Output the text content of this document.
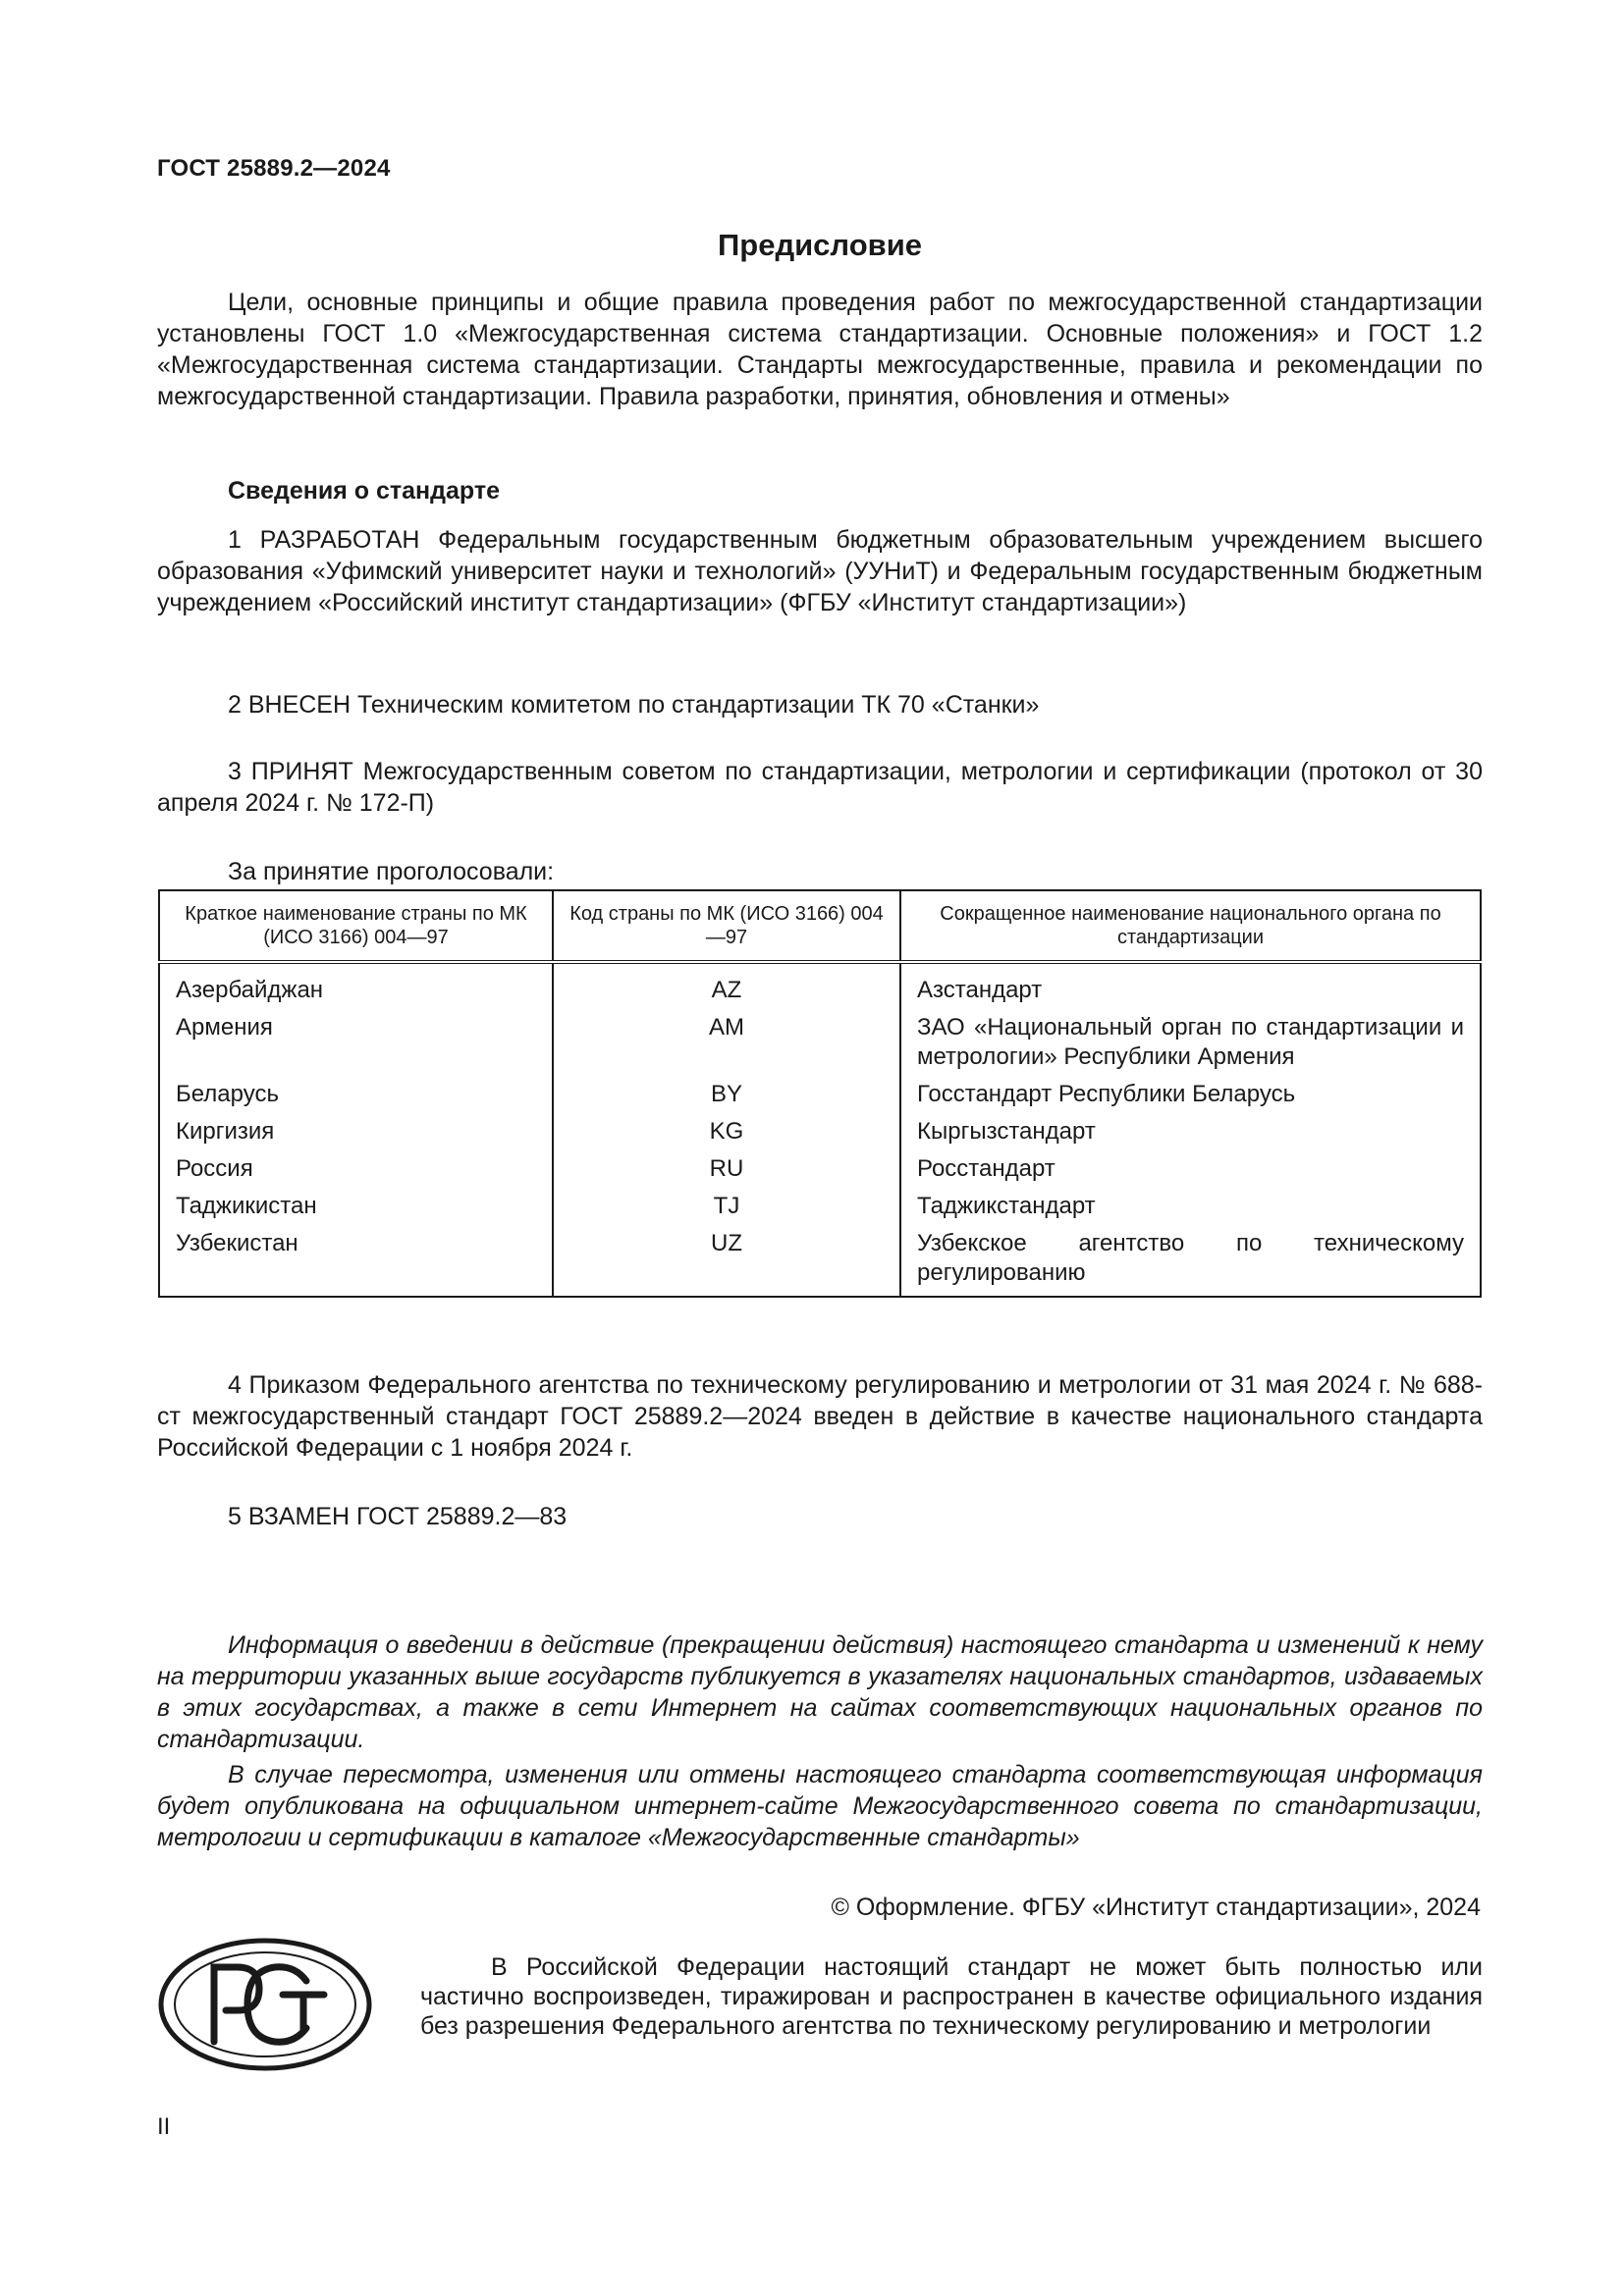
ГОСТ 25889.2—2024
Предисловие

Цели, основные принципы и общие правила проведения работ по межгосударственной стандартизации установлены ГОСТ 1.0 «Межгосударственная система стандартизации. Основные положения» и ГОСТ 1.2 «Межгосударственная система стандартизации. Стандарты межгосударственные, правила и рекомендации по межгосударственной стандартизации. Правила разработки, принятия, обновления и отмены»

Сведения о стандарте

1 РАЗРАБОТАН Федеральным государственным бюджетным образовательным учреждением высшего образования «Уфимский университет науки и технологий» (УУНиТ) и Федеральным государственным бюджетным учреждением «Российский институт стандартизации» (ФГБУ «Институт стандартизации»)

2 ВНЕСЕН Техническим комитетом по стандартизации ТК 70 «Станки»

3 ПРИНЯТ Межгосударственным советом по стандартизации, метрологии и сертификации (протокол от 30 апреля 2024 г. № 172-П)

За принятие проголосовали:
Краткое наименование страны по МК (ИСО 3166) 004—97	Код страны по МК (ИСО 3166) 004—97	Сокращенное наименование национального органа по стандартизации
Азербайджан	AZ	Азстандарт
Армения	AM	ЗАО «Национальный орган по стандартизации и метрологии» Республики Армения
Беларусь	BY	Госстандарт Республики Беларусь
Киргизия	KG	Кыргызстандарт
Россия	RU	Росстандарт
Таджикистан	TJ	Таджикстандарт
Узбекистан	UZ	Узбекское агентство по техническому регулированию

4 Приказом Федерального агентства по техническому регулированию и метрологии от 31 мая 2024 г. № 688-ст межгосударственный стандарт ГОСТ 25889.2—2024 введен в действие в качестве национального стандарта Российской Федерации с 1 ноября 2024 г.

5 ВЗАМЕН ГОСТ 25889.2—83

Информация о введении в действие (прекращении действия) настоящего стандарта и изменений к нему на территории указанных выше государств публикуется в указателях национальных стандартов, издаваемых в этих государствах, а также в сети Интернет на сайтах соответствующих национальных органов по стандартизации.

В случае пересмотра, изменения или отмены настоящего стандарта соответствующая информация будет опубликована на официальном интернет-сайте Межгосударственного совета по стандартизации, метрологии и сертификации в каталоге «Межгосударственные стандарты»

© Оформление. ФГБУ «Институт стандартизации», 2024

В Российской Федерации настоящий стандарт не может быть полностью или частично воспроизведен, тиражирован и распространен в качестве официального издания без разрешения Федерального агентства по техническому регулированию и метрологии

II
